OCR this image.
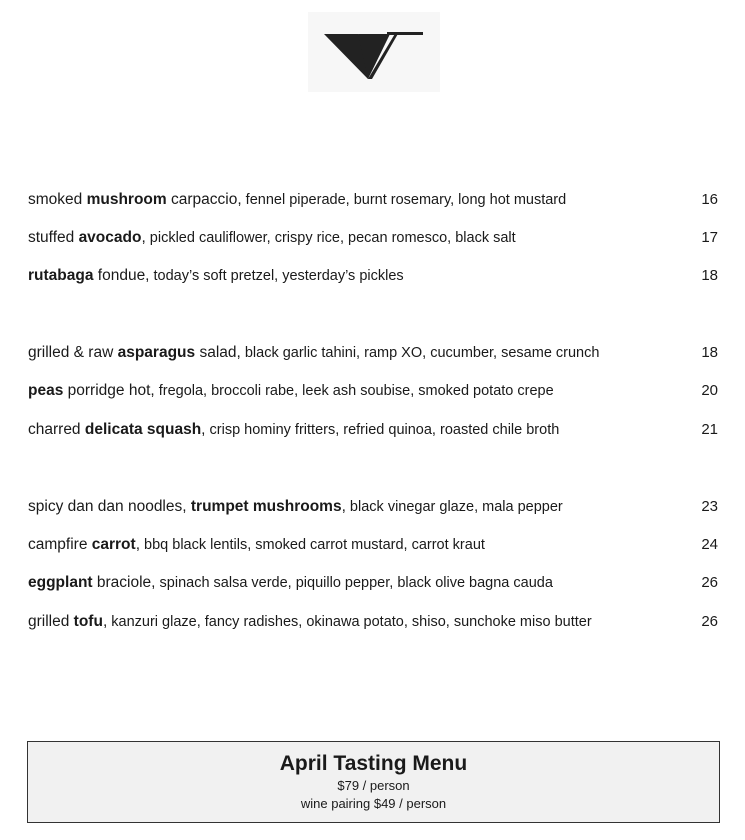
smoked mushroom carpaccio, fennel piperade, burnt rosemary, long hot mustard	16
stuffed avocado, pickled cauliflower, crispy rice, pecan romesco, black salt	17
rutabaga fondue, today’s soft pretzel, yesterday’s pickles	18
grilled & raw asparagus salad, black garlic tahini, ramp XO, cucumber, sesame crunch	18
peas porridge hot, fregola, broccoli rabe, leek ash soubise, smoked potato crepe	20
charred delicata squash, crisp hominy fritters, refried quinoa, roasted chile broth	21
spicy dan dan noodles, trumpet mushrooms, black vinegar glaze, mala pepper	23
campfire carrot, bbq black lentils, smoked carrot mustard, carrot kraut	24
eggplant braciole, spinach salsa verde, piquillo pepper, black olive bagna cauda	26
grilled tofu, kanzuri glaze, fancy radishes, okinawa potato, shiso, sunchoke miso butter	26
April Tasting Menu
$79 / person
wine pairing $49 / person
